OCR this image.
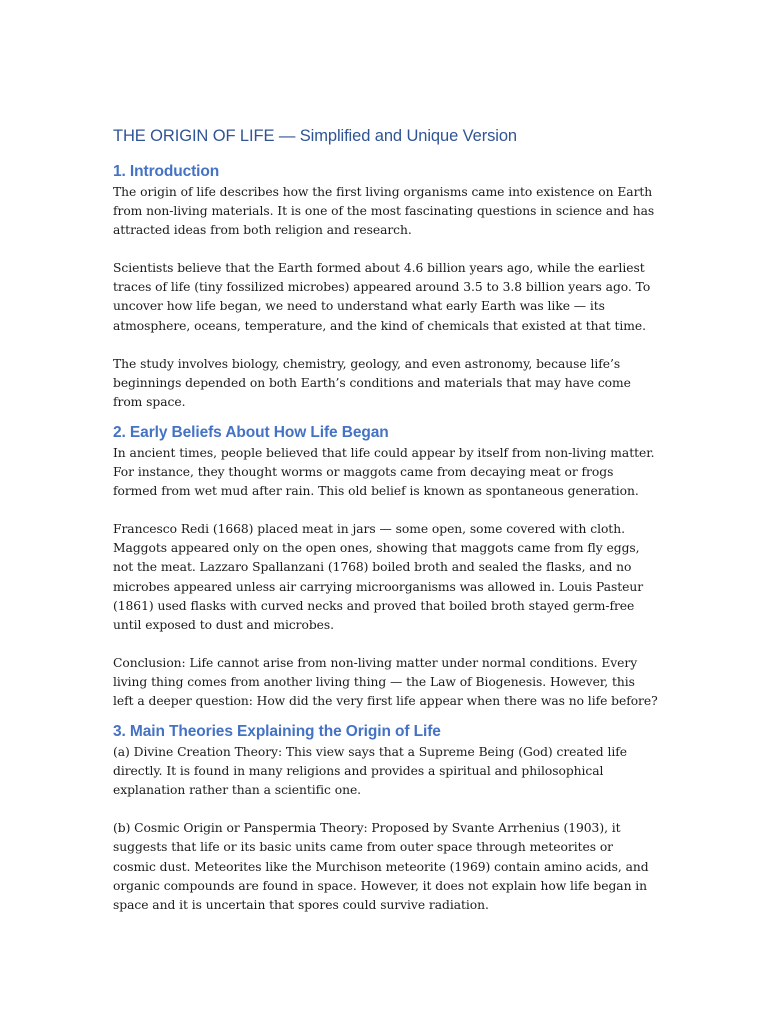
THE ORIGIN OF LIFE — Simplified and Unique Version
1. Introduction

The origin of life describes how the first living organisms came into existence on Earth from non-living materials. It is one of the most fascinating questions in science and has attracted ideas from both religion and research.

Scientists believe that the Earth formed about 4.6 billion years ago, while the earliest traces of life (tiny fossilized microbes) appeared around 3.5 to 3.8 billion years ago. To uncover how life began, we need to understand what early Earth was like — its atmosphere, oceans, temperature, and the kind of chemicals that existed at that time.

The study involves biology, chemistry, geology, and even astronomy, because life’s beginnings depended on both Earth’s conditions and materials that may have come from space.

2. Early Beliefs About How Life Began

In ancient times, people believed that life could appear by itself from non-living matter. For instance, they thought worms or maggots came from decaying meat or frogs formed from wet mud after rain. This old belief is known as spontaneous generation.

Francesco Redi (1668) placed meat in jars — some open, some covered with cloth. Maggots appeared only on the open ones, showing that maggots came from fly eggs, not the meat. Lazzaro Spallanzani (1768) boiled broth and sealed the flasks, and no microbes appeared unless air carrying microorganisms was allowed in. Louis Pasteur (1861) used flasks with curved necks and proved that boiled broth stayed germ-free until exposed to dust and microbes.

Conclusion: Life cannot arise from non-living matter under normal conditions. Every living thing comes from another living thing — the Law of Biogenesis. However, this left a deeper question: How did the very first life appear when there was no life before?

3. Main Theories Explaining the Origin of Life

(a) Divine Creation Theory: This view says that a Supreme Being (God) created life directly. It is found in many religions and provides a spiritual and philosophical explanation rather than a scientific one.

(b) Cosmic Origin or Panspermia Theory: Proposed by Svante Arrhenius (1903), it suggests that life or its basic units came from outer space through meteorites or cosmic dust. Meteorites like the Murchison meteorite (1969) contain amino acids, and organic compounds are found in space. However, it does not explain how life began in space and it is uncertain that spores could survive radiation.
